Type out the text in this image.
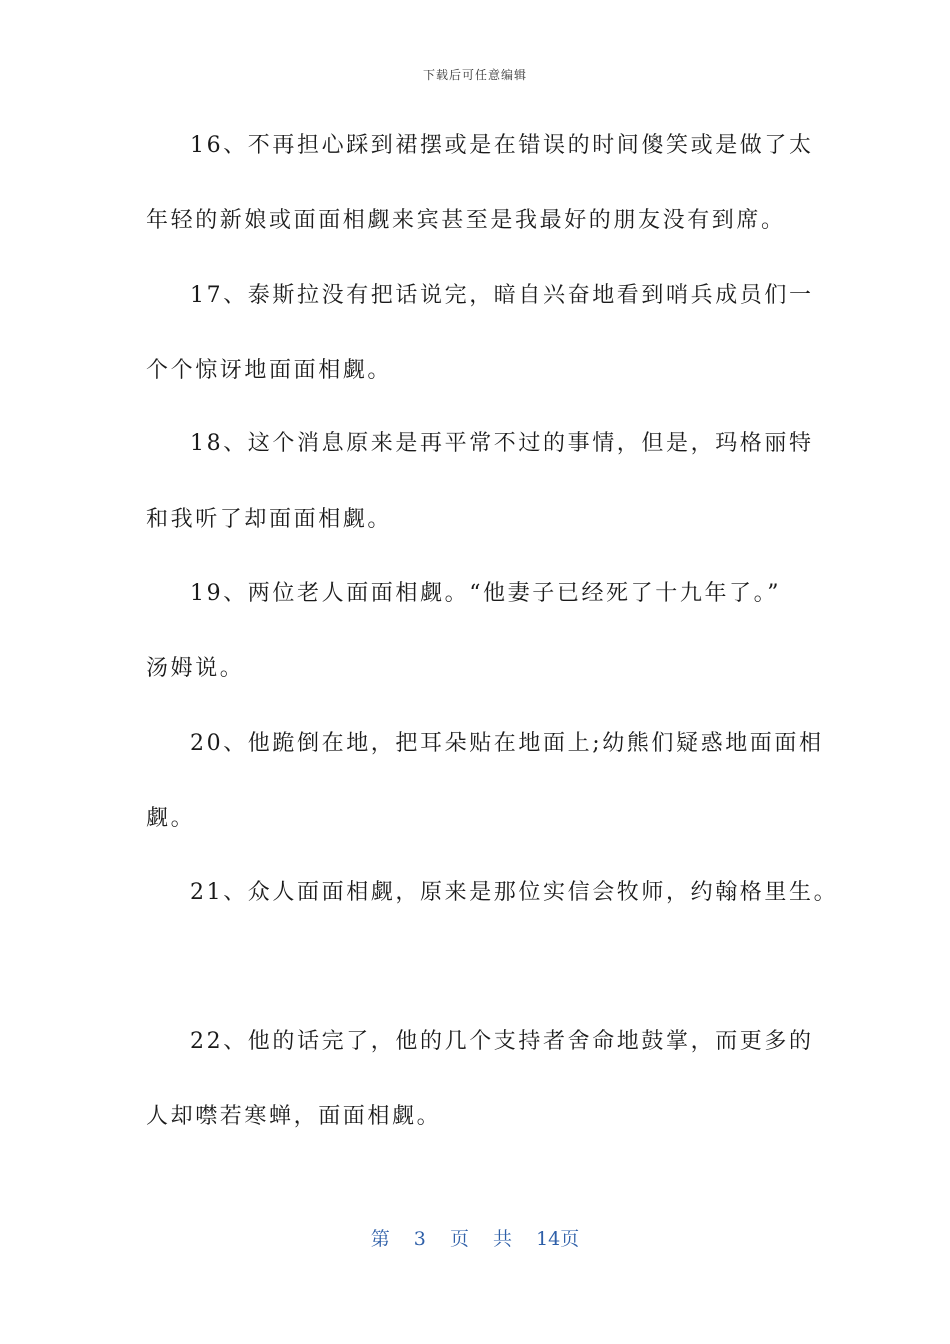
下载后可任意编辑
16、不再担心踩到裙摆或是在错误的时间傻笑或是做了太
年轻的新娘或面面相觑来宾甚至是我最好的朋友没有到席。
17、泰斯拉没有把话说完，暗自兴奋地看到哨兵成员们一
个个惊讶地面面相觑。
18、这个消息原来是再平常不过的事情，但是，玛格丽特
和我听了却面面相觑。
19、两位老人面面相觑。“他妻子已经死了十九年了。”
汤姆说。
20、他跪倒在地，把耳朵贴在地面上;幼熊们疑惑地面面相
觑。
21、众人面面相觑，原来是那位实信会牧师，约翰格里生。
22、他的话完了，他的几个支持者舍命地鼓掌，而更多的
人却噤若寒蝉，面面相觑。
第 3 页 共 14页
